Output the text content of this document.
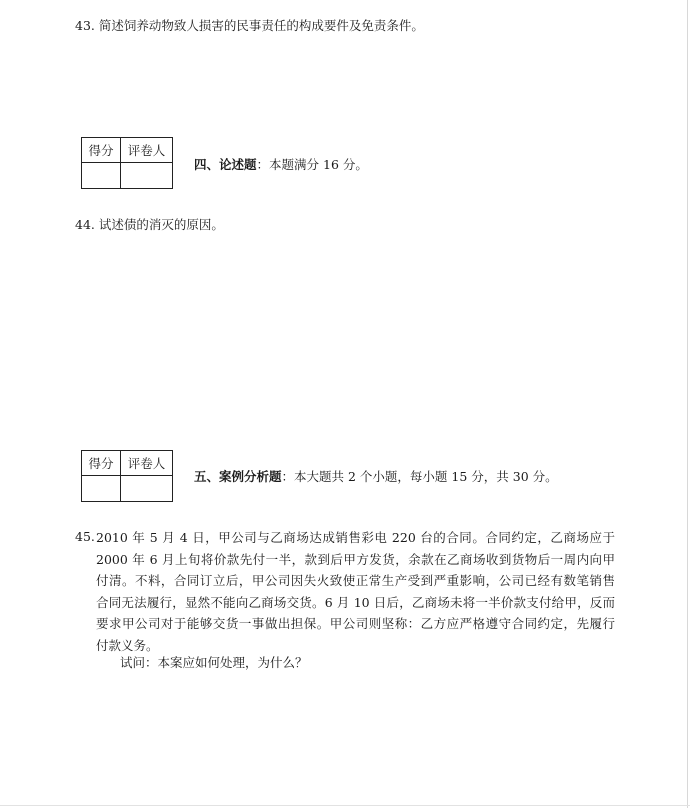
43. 简述饲养动物致人损害的民事责任的构成要件及免责条件。
得分	评卷人

四、论述题：本题满分 16 分。
44. 试述债的消灭的原因。
得分	评卷人

五、案例分析题：本大题共 2 个小题，每小题 15 分，共 30 分。
45. 2010 年 5 月 4 日，甲公司与乙商场达成销售彩电 220 台的合同。合同约定，乙商场应于
2000 年 6 月上旬将价款先付一半，款到后甲方发货，余款在乙商场收到货物后一周内向甲
付清。不料，合同订立后，甲公司因失火致使正常生产受到严重影响，公司已经有数笔销售
合同无法履行，显然不能向乙商场交货。6 月 10 日后，乙商场未将一半价款支付给甲，反而
要求甲公司对于能够交货一事做出担保。甲公司则坚称：乙方应严格遵守合同约定，先履行
付款义务。
试问：本案应如何处理，为什么？
